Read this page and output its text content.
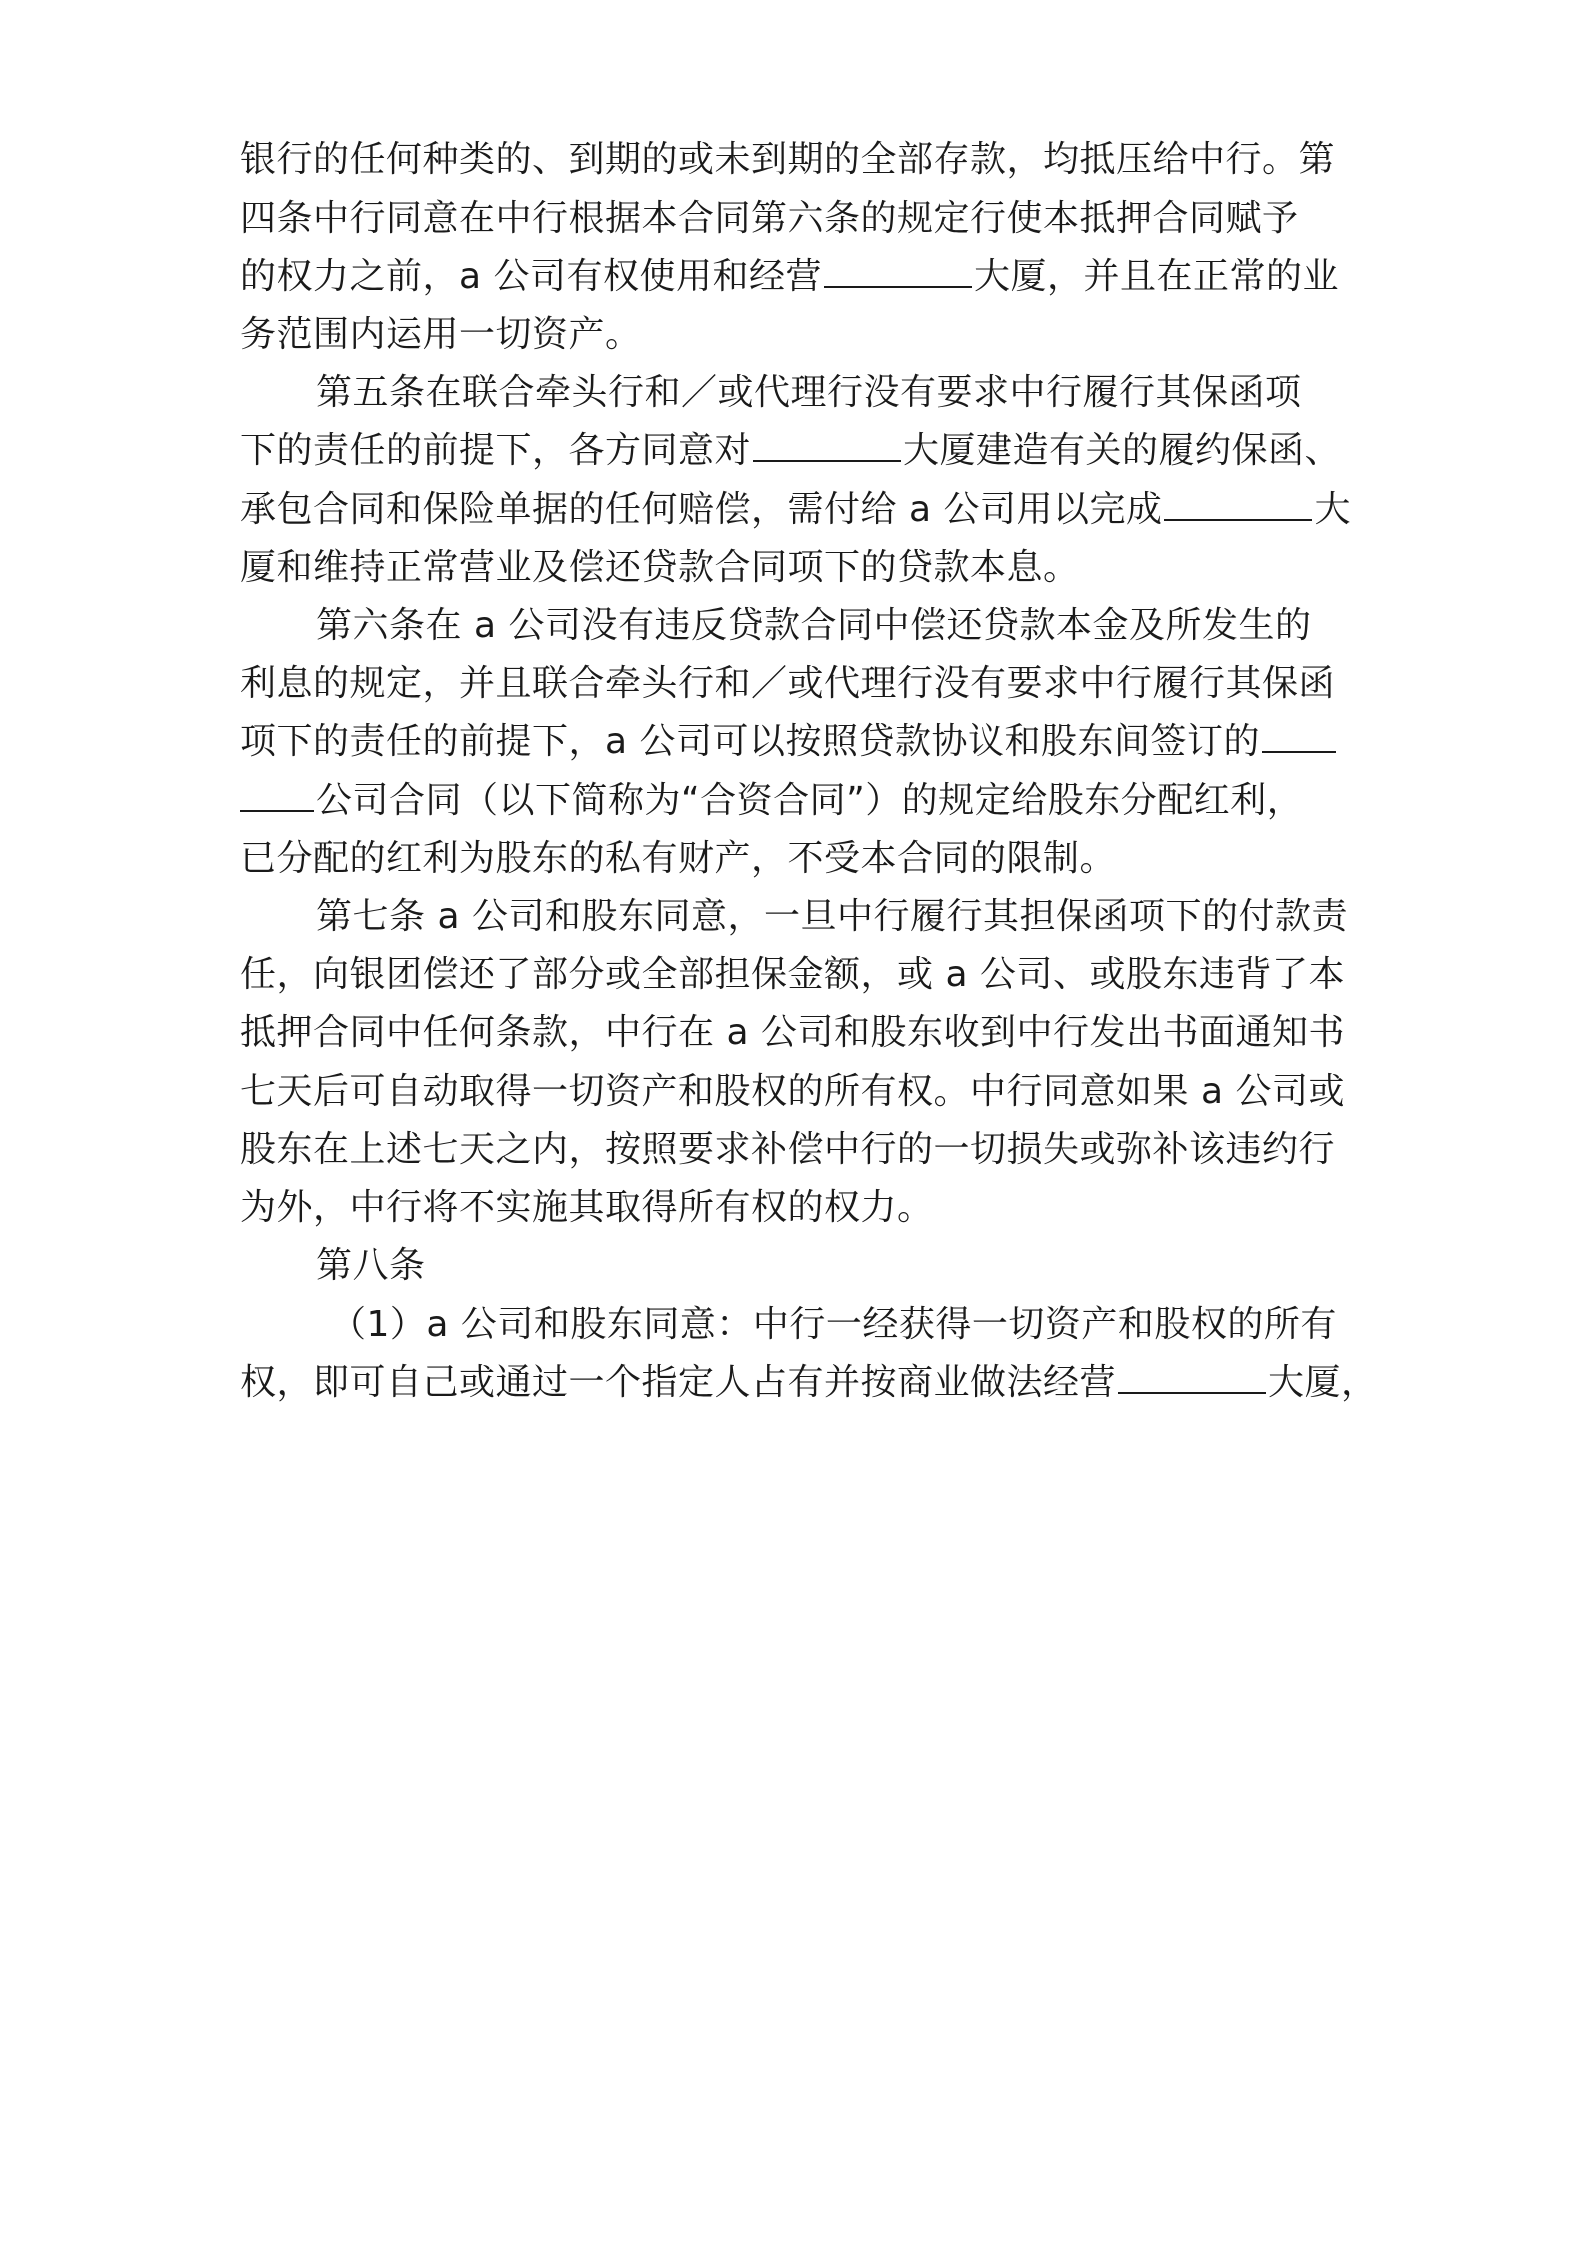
银行的任何种类的、到期的或未到期的全部存款，均抵压给中行。第
四条中行同意在中行根据本合同第六条的规定行使本抵押合同赋予
的权力之前，a 公司有权使用和经营	大厦，并且在正常的业
务范围内运用一切资产。
第五条在联合牵头行和／或代理行没有要求中行履行其保函项
下的责任的前提下，各方同意对	大厦建造有关的履约保函、
承包合同和保险单据的任何赔偿，需付给 a 公司用以完成	大
厦和维持正常营业及偿还贷款合同项下的贷款本息。
第六条在 a 公司没有违反贷款合同中偿还贷款本金及所发生的
利息的规定，并且联合牵头行和／或代理行没有要求中行履行其保函
项下的责任的前提下，a 公司可以按照贷款协议和股东间签订的
公司合同（以下简称为“合资合同”）的规定给股东分配红利，
已分配的红利为股东的私有财产，不受本合同的限制。
第七条 a 公司和股东同意，一旦中行履行其担保函项下的付款责
任，向银团偿还了部分或全部担保金额，或 a 公司、或股东违背了本
抵押合同中任何条款，中行在 a 公司和股东收到中行发出书面通知书
七天后可自动取得一切资产和股权的所有权。中行同意如果 a 公司或
股东在上述七天之内，按照要求补偿中行的一切损失或弥补该违约行
为外，中行将不实施其取得所有权的权力。
第八条
（1）a 公司和股东同意：中行一经获得一切资产和股权的所有
权，即可自己或通过一个指定人占有并按商业做法经营	大厦，
